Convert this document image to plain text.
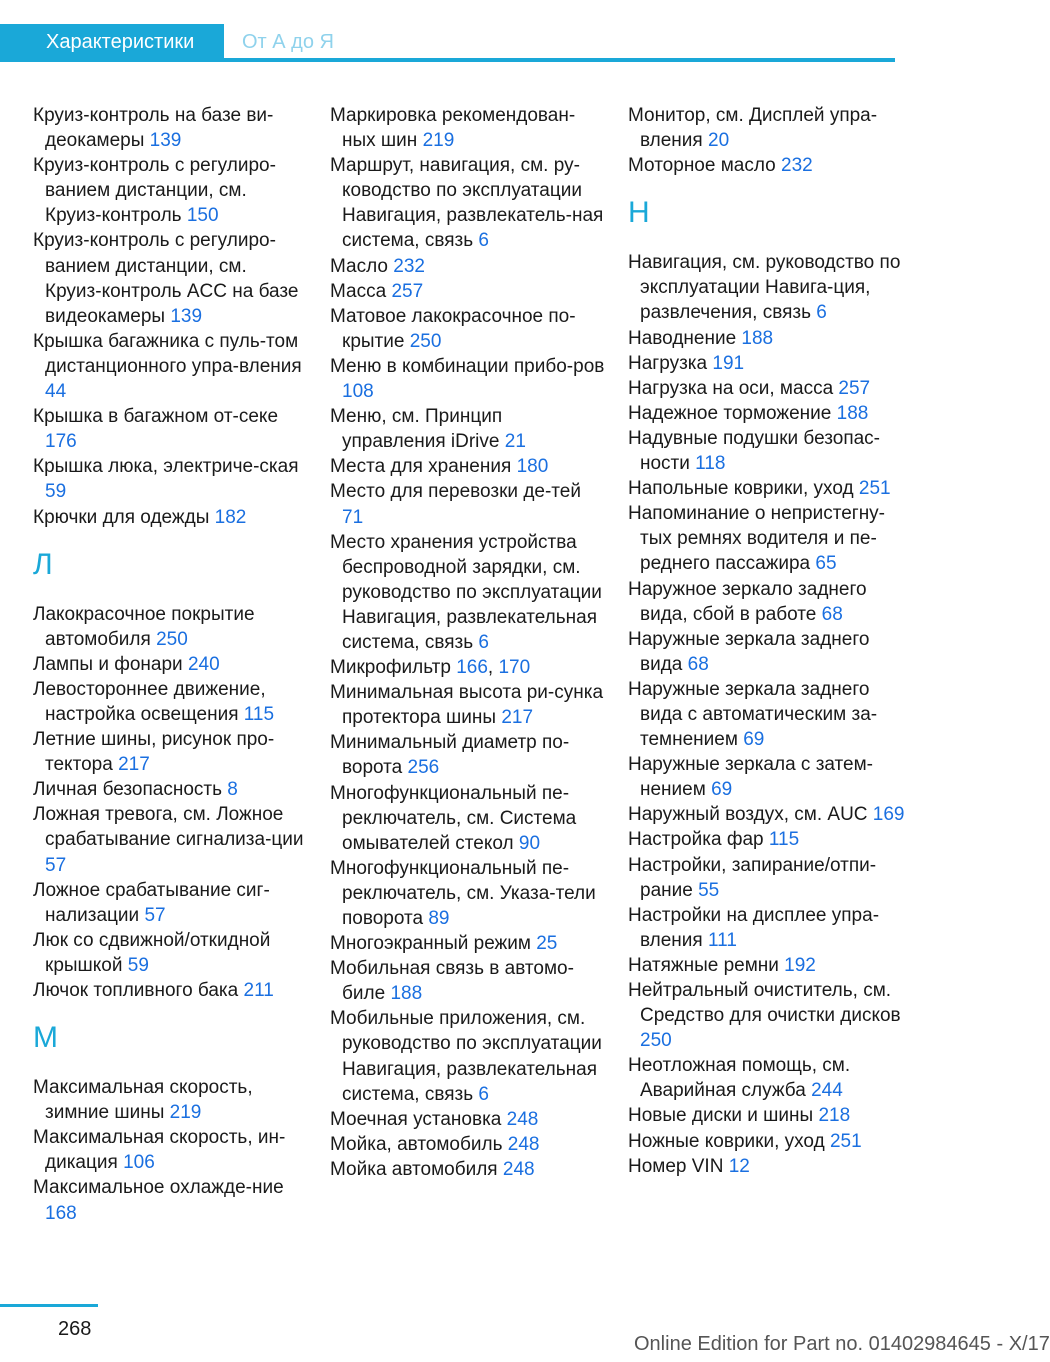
Характеристики От А до Я
Круиз-контроль на базе ви-деокамеры 139
Круиз-контроль с регулиро-ванием дистанции, см. Круиз-контроль 150
Круиз-контроль с регулиро-ванием дистанции, см. Круиз-контроль ACC на базе видеокамеры 139
Крышка багажника с пуль-том дистанционного упра-вления 44
Крышка в багажном от-секе 176
Крышка люка, электриче-ская 59
Крючки для одежды 182
Л
Лакокрасочное покрытие автомобиля 250
Лампы и фонари 240
Левостороннее движение, настройка освещения 115
Летние шины, рисунок про-тектора 217
Личная безопасность 8
Ложная тревога, см. Ложное срабатывание сигнализа-ции 57
Ложное срабатывание сиг-нализации 57
Люк со сдвижной/откидной крышкой 59
Лючок топливного бака 211
М
Максимальная скорость, зимние шины 219
Максимальная скорость, ин-дикация 106
Максимальное охлажде-ние 168
Маркировка рекомендован-ных шин 219
Маршрут, навигация, см. ру-ководство по эксплуатации Навигация, развлекатель-ная система, связь 6
Масло 232
Масса 257
Матовое лакокрасочное по-крытие 250
Меню в комбинации прибо-ров 108
Меню, см. Принцип управления iDrive 21
Места для хранения 180
Место для перевозки де-тей 71
Место хранения устройства беспроводной зарядки, см. руководство по эксплуатации Навигация, развлекательная система, связь 6
Микрофильтр 166, 170
Минимальная высота ри-сунка протектора шины 217
Минимальный диаметр по-ворота 256
Многофункциональный пе-реключатель, см. Система омывателей стекол 90
Многофункциональный пе-реключатель, см. Указа-тели поворота 89
Многоэкранный режим 25
Мобильная связь в автомо-биле 188
Мобильные приложения, см. руководство по эксплуатации Навигация, развлекательная система, связь 6
Моечная установка 248
Мойка, автомобиль 248
Мойка автомобиля 248
Монитор, см. Дисплей упра-вления 20
Моторное масло 232
Н
Навигация, см. руководство по эксплуатации Навига-ция, развлечения, связь 6
Наводнение 188
Нагрузка 191
Нагрузка на оси, масса 257
Надежное торможение 188
Надувные подушки безопас-ности 118
Напольные коврики, уход 251
Напоминание о непристегну-тых ремнях водителя и пе-реднего пассажира 65
Наружное зеркало заднего вида, сбой в работе 68
Наружные зеркала заднего вида 68
Наружные зеркала заднего вида с автоматическим за-темнением 69
Наружные зеркала с затем-нением 69
Наружный воздух, см. AUC 169
Настройка фар 115
Настройки, запирание/отпи-рание 55
Настройки на дисплее упра-вления 111
Натяжные ремни 192
Нейтральный очиститель, см. Средство для очистки дисков 250
Неотложная помощь, см. Аварийная служба 244
Новые диски и шины 218
Ножные коврики, уход 251
Номер VIN 12
268
Online Edition for Part no. 01402984645 - X/17
